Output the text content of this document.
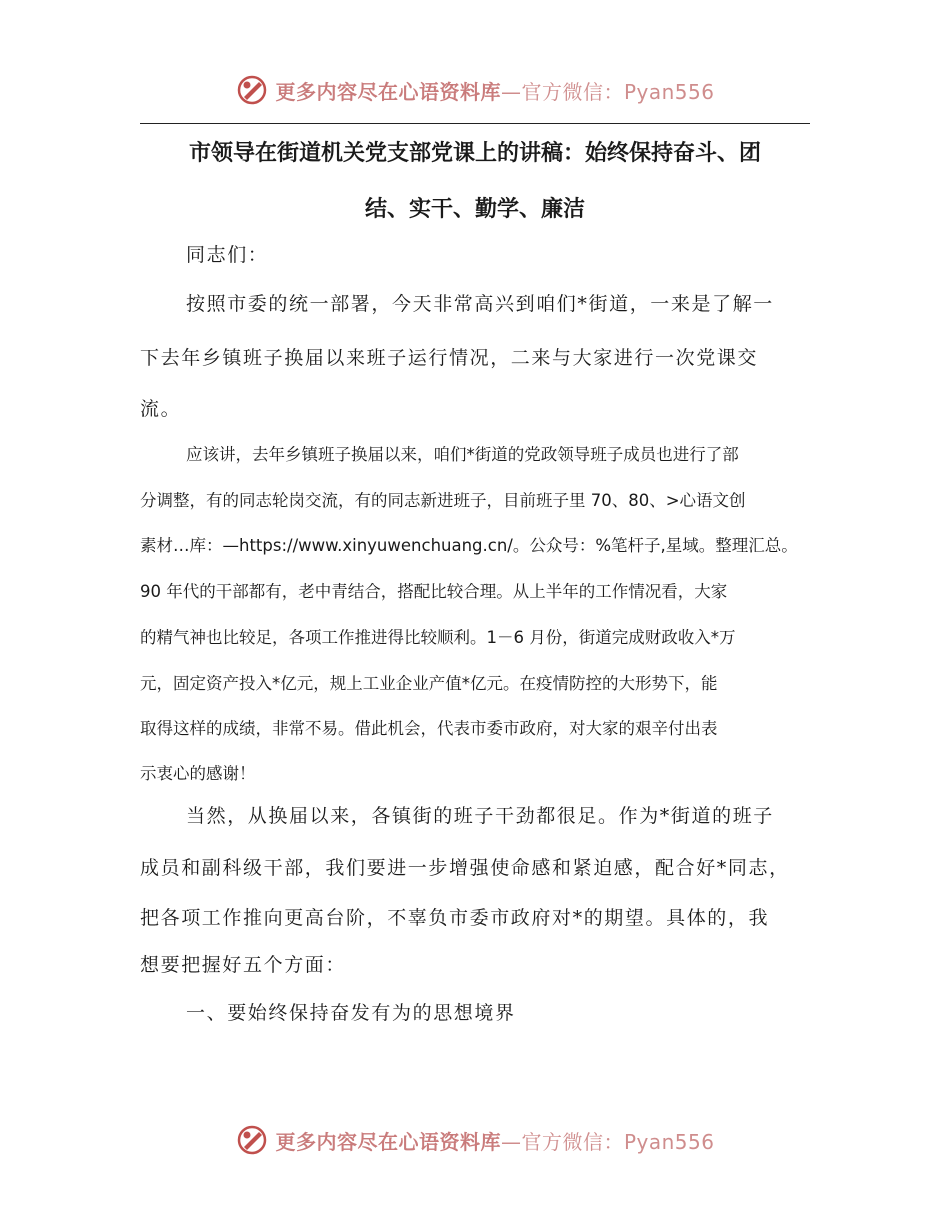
更多内容尽在心语资料库—官方微信：Pyan556
市领导在街道机关党支部党课上的讲稿：始终保持奋斗、团
结、实干、勤学、廉洁
同志们：
按照市委的统一部署，今天非常高兴到咱们*街道，一来是了解一
下去年乡镇班子换届以来班子运行情况，二来与大家进行一次党课交
流。
应该讲，去年乡镇班子换届以来，咱们*街道的党政领导班子成员也进行了部
分调整，有的同志轮岗交流，有的同志新进班子，目前班子里 70、80、>心语文创
素材…库：—https://www.xinyuwenchuang.cn/。公众号：%笔杆子,星域。整理汇总。
90 年代的干部都有，老中青结合，搭配比较合理。从上半年的工作情况看，大家
的精气神也比较足，各项工作推进得比较顺利。1－6 月份，街道完成财政收入*万
元，固定资产投入*亿元，规上工业企业产值*亿元。在疫情防控的大形势下，能
取得这样的成绩，非常不易。借此机会，代表市委市政府，对大家的艰辛付出表
示衷心的感谢！
当然，从换届以来，各镇街的班子干劲都很足。作为*街道的班子
成员和副科级干部，我们要进一步增强使命感和紧迫感，配合好*同志，
把各项工作推向更高台阶，不辜负市委市政府对*的期望。具体的，我
想要把握好五个方面：
一、要始终保持奋发有为的思想境界
更多内容尽在心语资料库—官方微信：Pyan556
